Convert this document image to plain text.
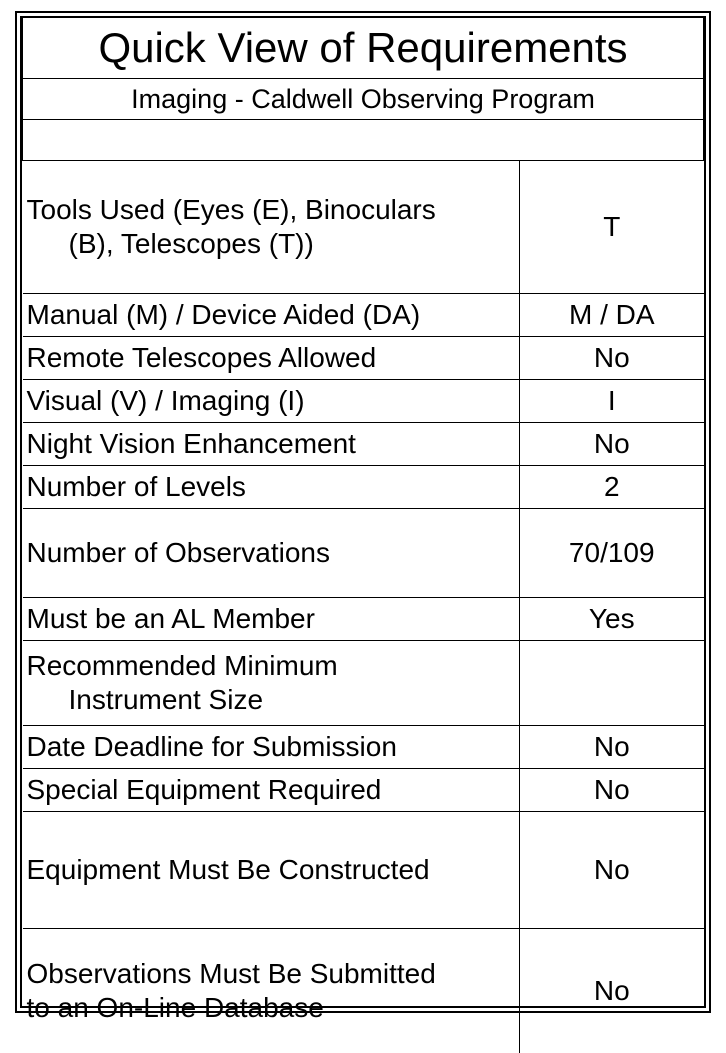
Quick View of Requirements	
Imaging - Caldwell Observing Program	

Tools Used (Eyes (E), Binoculars

(B), Telescopes (T))	T
Manual (M) / Device Aided (DA)	M / DA
Remote Telescopes Allowed	No
Visual (V) / Imaging (I)	I
Night Vision Enhancement	No
Number of Levels	2
Number of Observations	70/109
Must be an AL Member	Yes
Recommended Minimum

Instrument Size	

Date Deadline for Submission	No
Special Equipment Required	No
Equipment Must Be Constructed	No
Observations Must Be Submitted
to an On-Line Database	No
